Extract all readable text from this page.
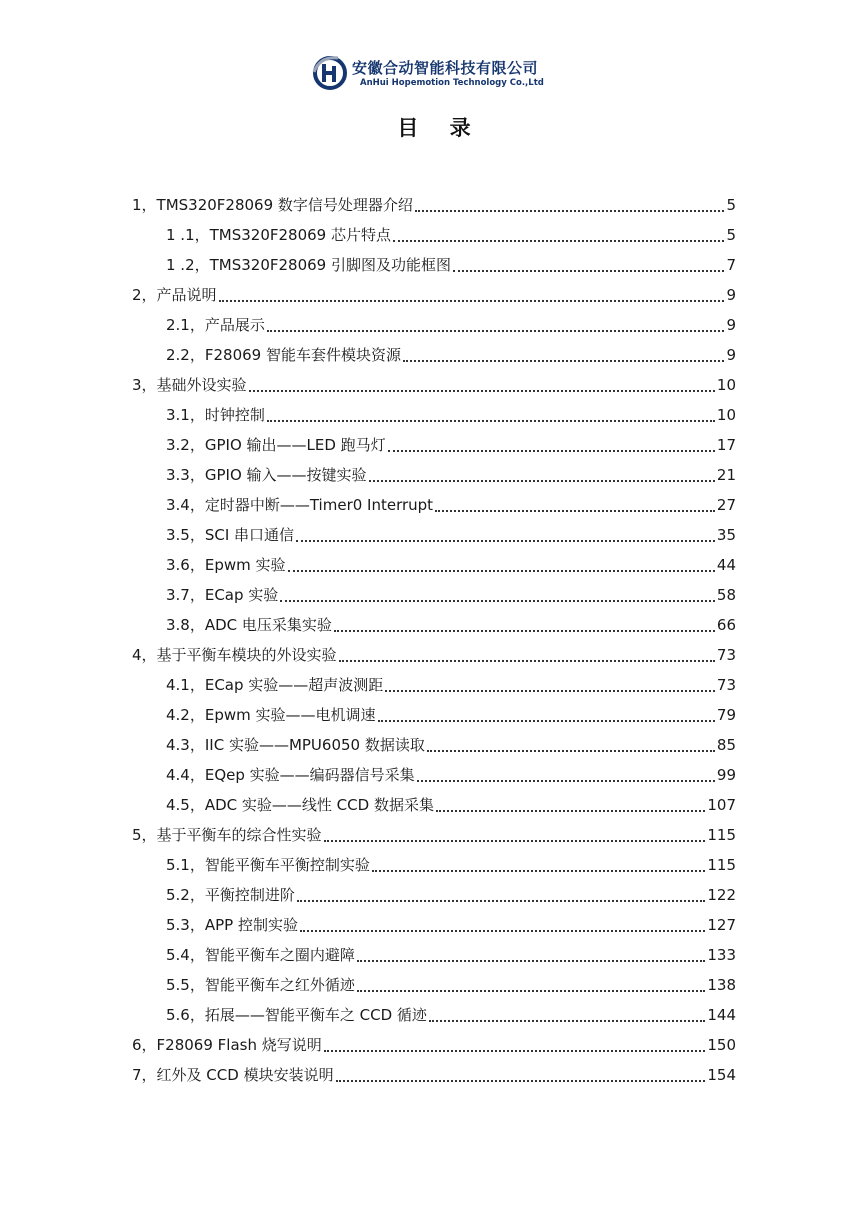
安徽合动智能科技有限公司
AnHui Hopemotion Technology Co.,Ltd
目 录
1，TMS320F28069 数字信号处理器介绍	5
1 .1，TMS320F28069 芯片特点	5
1 .2，TMS320F28069 引脚图及功能框图	7
2，产品说明	9
2.1，产品展示	9
2.2，F28069 智能车套件模块资源	9
3，基础外设实验	10
3.1，时钟控制	10
3.2，GPIO 输出——LED 跑马灯	17
3.3，GPIO 输入——按键实验	21
3.4，定时器中断——Timer0 Interrupt	27
3.5，SCI 串口通信	35
3.6，Epwm 实验	44
3.7，ECap 实验	58
3.8，ADC 电压采集实验	66
4，基于平衡车模块的外设实验	73
4.1，ECap 实验——超声波测距	73
4.2，Epwm 实验——电机调速	79
4.3，IIC 实验——MPU6050 数据读取	85
4.4，EQep 实验——编码器信号采集	99
4.5，ADC 实验——线性 CCD 数据采集	107
5，基于平衡车的综合性实验	115
5.1，智能平衡车平衡控制实验	115
5.2，平衡控制进阶	122
5.3，APP 控制实验	127
5.4，智能平衡车之圈内避障	133
5.5，智能平衡车之红外循迹	138
5.6，拓展——智能平衡车之 CCD 循迹	144
6，F28069 Flash 烧写说明	150
7，红外及 CCD 模块安装说明	154
